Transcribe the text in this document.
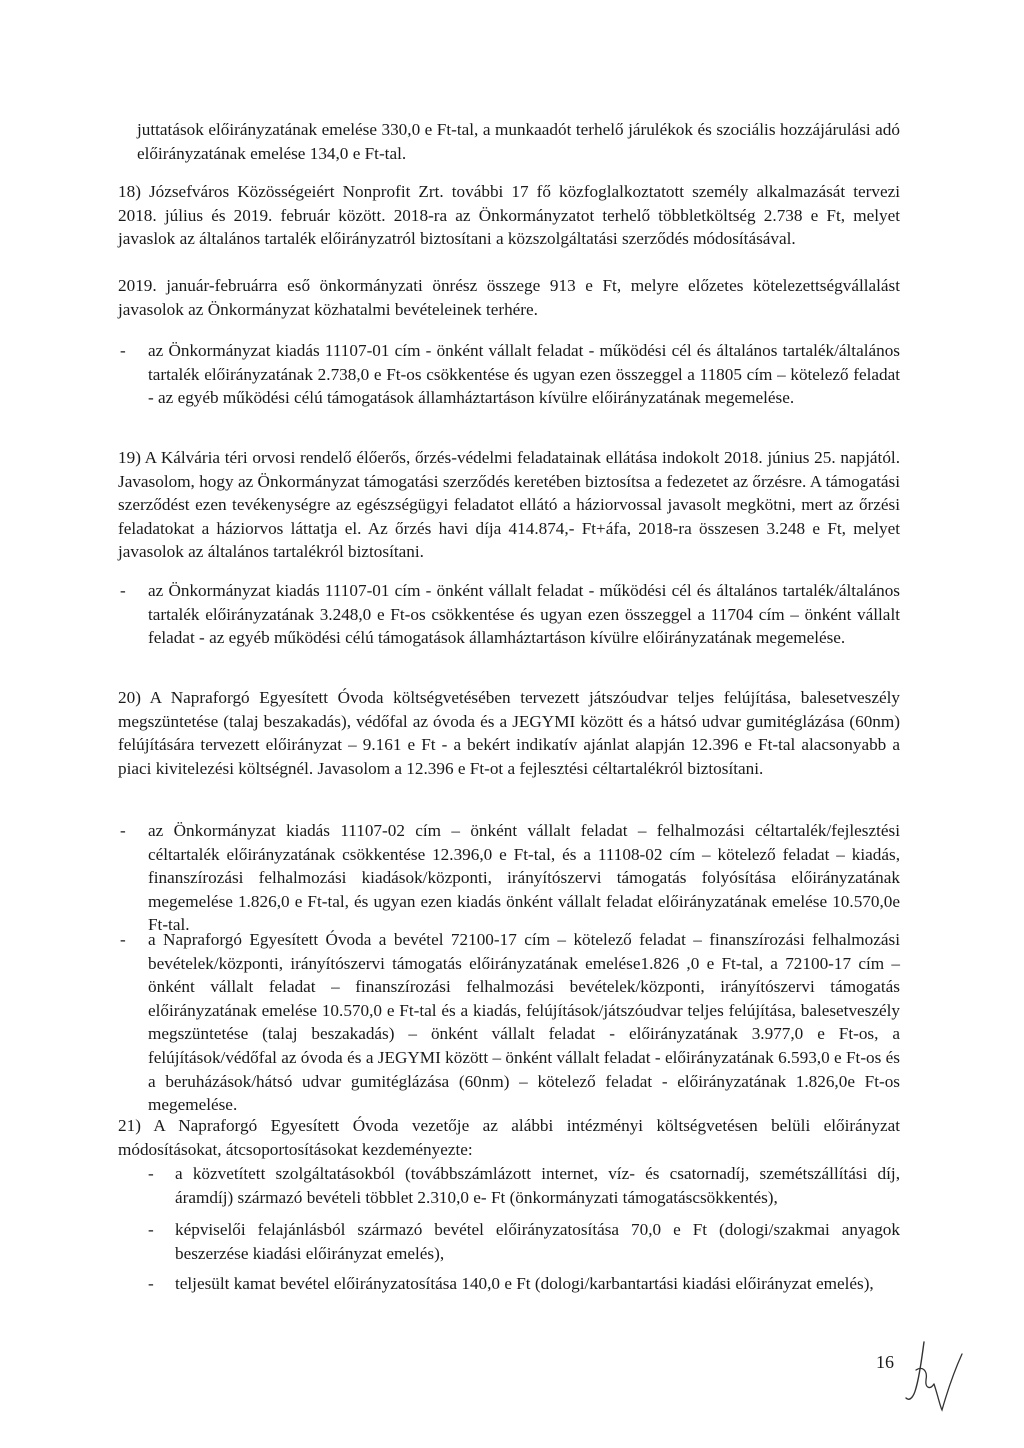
juttatások előirányzatának emelése 330,0 e Ft-tal, a munkaadót terhelő járulékok és szociális hozzájárulási adó előirányzatának emelése 134,0 e Ft-tal.

18) Józsefváros Közösségeiért Nonprofit Zrt. további 17 fő közfoglalkoztatott személy alkalmazását tervezi 2018. július és 2019. február között. 2018-ra az Önkormányzatot terhelő többletköltség 2.738 e Ft, melyet javaslok az általános tartalék előirányzatról biztosítani a közszolgáltatási szerződés módosításával.

2019. január-februárra eső önkormányzati önrész összege 913 e Ft, melyre előzetes kötelezettségvállalást javasolok az Önkormányzat közhatalmi bevételeinek terhére.

- az Önkormányzat kiadás 11107-01 cím - önként vállalt feladat - működési cél és általános tartalék/általános tartalék előirányzatának 2.738,0 e Ft-os csökkentése és ugyan ezen összeggel a 11805 cím – kötelező feladat - az egyéb működési célú támogatások államháztartáson kívülre előirányzatának megemelése.

19) A Kálvária téri orvosi rendelő élőerős, őrzés-védelmi feladatainak ellátása indokolt 2018. június 25. napjától. Javasolom, hogy az Önkormányzat támogatási szerződés keretében biztosítsa a fedezetet az őrzésre. A támogatási szerződést ezen tevékenységre az egészségügyi feladatot ellátó a háziorvossal javasolt megkötni, mert az őrzési feladatokat a háziorvos láttatja el. Az őrzés havi díja 414.874,- Ft+áfa, 2018-ra összesen 3.248 e Ft, melyet javasolok az általános tartalékról biztosítani.

- az Önkormányzat kiadás 11107-01 cím - önként vállalt feladat - működési cél és általános tartalék/általános tartalék előirányzatának 3.248,0 e Ft-os csökkentése és ugyan ezen összeggel a 11704 cím – önként vállalt feladat - az egyéb működési célú támogatások államháztartáson kívülre előirányzatának megemelése.

20) A Napraforgó Egyesített Óvoda költségvetésében tervezett játszóudvar teljes felújítása, balesetveszély megszüntetése (talaj beszakadás), védőfal az óvoda és a JEGYMI között és a hátsó udvar gumitéglázása (60nm) felújítására tervezett előirányzat – 9.161 e Ft - a bekért indikatív ajánlat alapján 12.396 e Ft-tal alacsonyabb a piaci kivitelezési költségnél. Javasolom a 12.396 e Ft-ot a fejlesztési céltartalékról biztosítani.

- az Önkormányzat kiadás 11107-02 cím – önként vállalt feladat – felhalmozási céltartalék/fejlesztési céltartalék előirányzatának csökkentése 12.396,0 e Ft-tal, és a 11108-02 cím – kötelező feladat – kiadás, finanszírozási felhalmozási kiadások/központi, irányítószervi támogatás folyósítása előirányzatának megemelése 1.826,0 e Ft-tal, és ugyan ezen kiadás önként vállalt feladat előirányzatának emelése 10.570,0e Ft-tal.

- a Napraforgó Egyesített Óvoda a bevétel 72100-17 cím – kötelező feladat – finanszírozási felhalmozási bevételek/központi, irányítószervi támogatás előirányzatának emelése1.826 ,0 e Ft-tal, a 72100-17 cím – önként vállalt feladat – finanszírozási felhalmozási bevételek/központi, irányítószervi támogatás előirányzatának emelése 10.570,0 e Ft-tal és a kiadás, felújítások/játszóudvar teljes felújítása, balesetveszély megszüntetése (talaj beszakadás) – önként vállalt feladat - előirányzatának 3.977,0 e Ft-os, a felújítások/védőfal az óvoda és a JEGYMI között – önként vállalt feladat - előirányzatának 6.593,0 e Ft-os és a beruházások/hátsó udvar gumitéglázása (60nm) – kötelező feladat - előirányzatának 1.826,0e Ft-os megemelése.

21) A Napraforgó Egyesített Óvoda vezetője az alábbi intézményi költségvetésen belüli előirányzat módosításokat, átcsoportosításokat kezdeményezte:

- a közvetített szolgáltatásokból (továbbszámlázott internet, víz- és csatornadíj, szemétszállítási díj, áramdíj) származó bevételi többlet 2.310,0 e- Ft (önkormányzati támogatáscsökkentés),

- képviselői felajánlásból származó bevétel előirányzatosítása 70,0 e Ft (dologi/szakmai anyagok beszerzése kiadási előirányzat emelés),

- teljesült kamat bevétel előirányzatosítása 140,0 e Ft (dologi/karbantartási kiadási előirányzat emelés),

16
